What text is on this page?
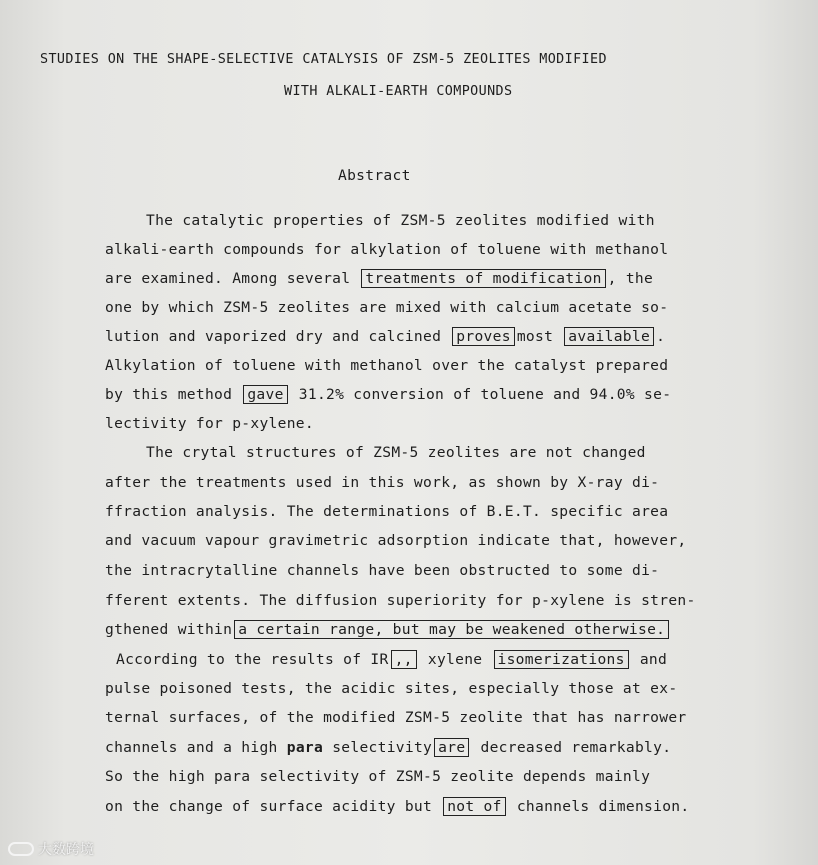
STUDIES ON THE SHAPE-SELECTIVE CATALYSIS OF ZSM-5 ZEOLITES MODIFIED
WITH ALKALI-EARTH COMPOUNDS
Abstract
The catalytic properties of ZSM-5 zeolites modified with
alkali-earth compounds for alkylation of toluene with methanol
are examined. Among several treatments of modification , the
one by which ZSM-5 zeolites are mixed with calcium acetate so-
lution and vaporized dry and calcined proves most available .
Alkylation of toluene with methanol over the catalyst prepared
by this method gave 31.2% conversion of toluene and 94.0% se-
lectivity for p-xylene.
The crytal structures of ZSM-5 zeolites are not changed
after the treatments used in this work, as shown by X-ray di-
ffraction analysis. The determinations of B.E.T. specific area
and vacuum vapour gravimetric adsorption indicate that, however,
the intracrytalline channels have been obstructed to some di-
fferent extents. The diffusion superiority for p-xylene is stren-
gthened within a certain range, but may be weakened otherwise.
According to the results of IR ,, xylene isomerizations and
pulse poisoned tests, the acidic sites, especially those at ex-
ternal surfaces, of the modified ZSM-5 zeolite that has narrower
channels and a high para selectivity are decreased remarkably.
So the high para selectivity of ZSM-5 zeolite depends mainly
on the change of surface acidity but not of channels dimension.
大数跨境
